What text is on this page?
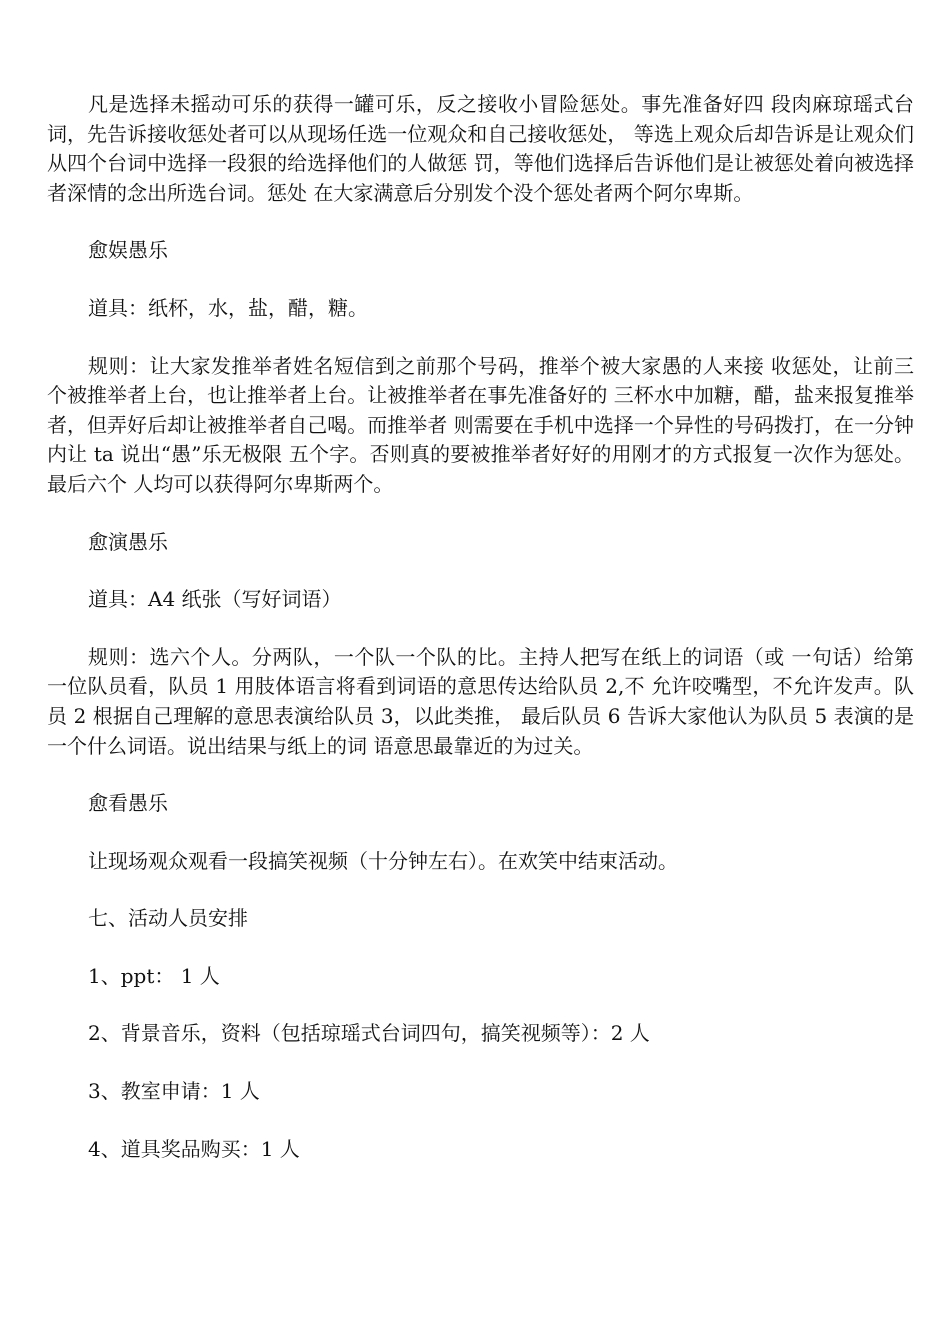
凡是选择未摇动可乐的获得一罐可乐，反之接收小冒险惩处。事先准备好四 段肉麻琼瑶式台词，先告诉接收惩处者可以从现场任选一位观众和自己接收惩处， 等选上观众后却告诉是让观众们从四个台词中选择一段狠的给选择他们的人做惩 罚，等他们选择后告诉他们是让被惩处着向被选择者深情的念出所选台词。惩处 在大家满意后分别发个没个惩处者两个阿尔卑斯。

愈娱愚乐

道具：纸杯，水，盐，醋，糖。

规则：让大家发推举者姓名短信到之前那个号码，推举个被大家愚的人来接 收惩处，让前三个被推举者上台，也让推举者上台。让被推举者在事先准备好的 三杯水中加糖，醋，盐来报复推举者，但弄好后却让被推举者自己喝。而推举者 则需要在手机中选择一个异性的号码拨打，在一分钟内让 ta 说出“愚”乐无极限 五个字。否则真的要被推举者好好的用刚才的方式报复一次作为惩处。最后六个 人均可以获得阿尔卑斯两个。

愈演愚乐

道具：A4 纸张（写好词语）

规则：选六个人。分两队，一个队一个队的比。主持人把写在纸上的词语（或 一句话）给第一位队员看，队员 1 用肢体语言将看到词语的意思传达给队员 2,不 允许咬嘴型，不允许发声。队员 2 根据自己理解的意思表演给队员 3，以此类推， 最后队员 6 告诉大家他认为队员 5 表演的是一个什么词语。说出结果与纸上的词 语意思最靠近的为过关。

愈看愚乐

让现场观众观看一段搞笑视频（十分钟左右）。在欢笑中结束活动。

七、活动人员安排

1、ppt： 1 人

2、背景音乐，资料（包括琼瑶式台词四句，搞笑视频等）：2 人

3、教室申请：1 人

4、道具奖品购买：1 人
